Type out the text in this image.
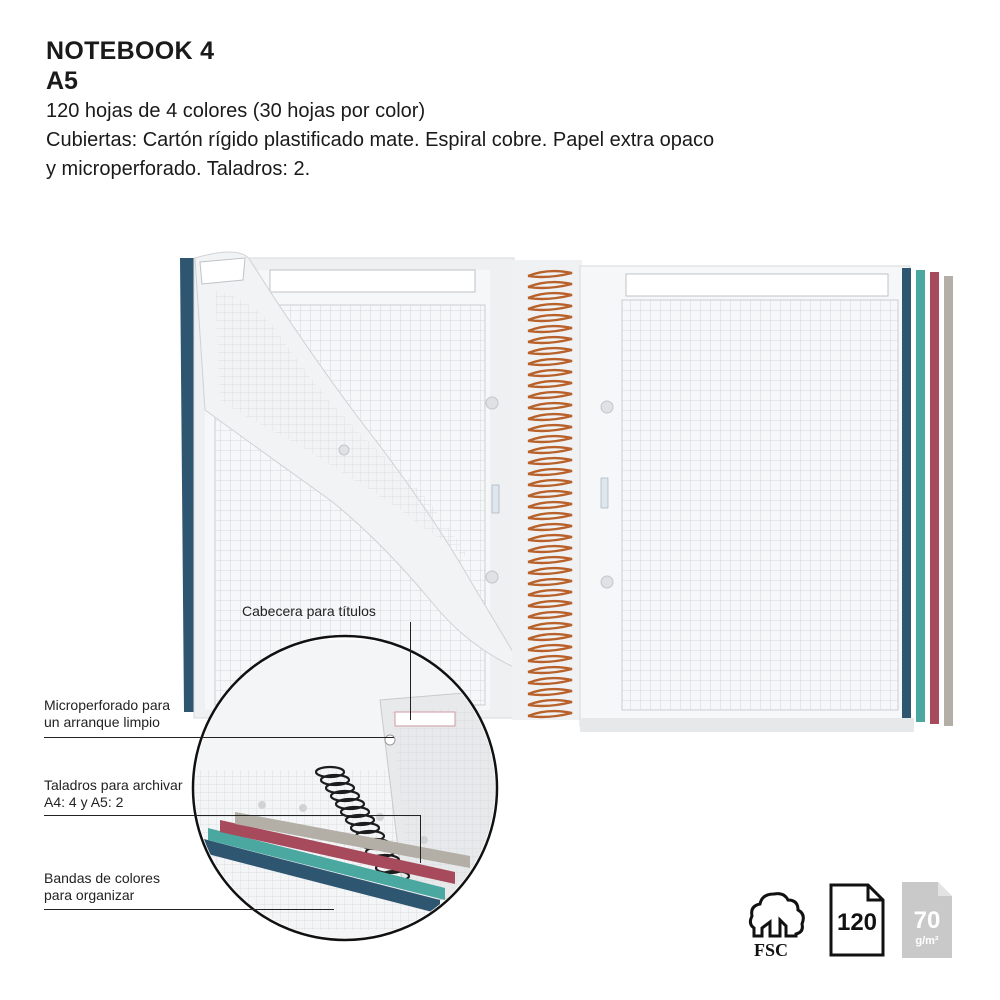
NOTEBOOK 4
A5
120 hojas de 4 colores (30 hojas por color)
Cubiertas: Cartón rígido plastificado mate. Espiral cobre. Papel extra opaco
y microperforado. Taladros: 2.
Cabecera para títulos
Microperforado para
un arranque limpio
Taladros para archivar
A4: 4 y A5: 2
Bandas de colores
para organizar
FSC
120 70
g/m²
